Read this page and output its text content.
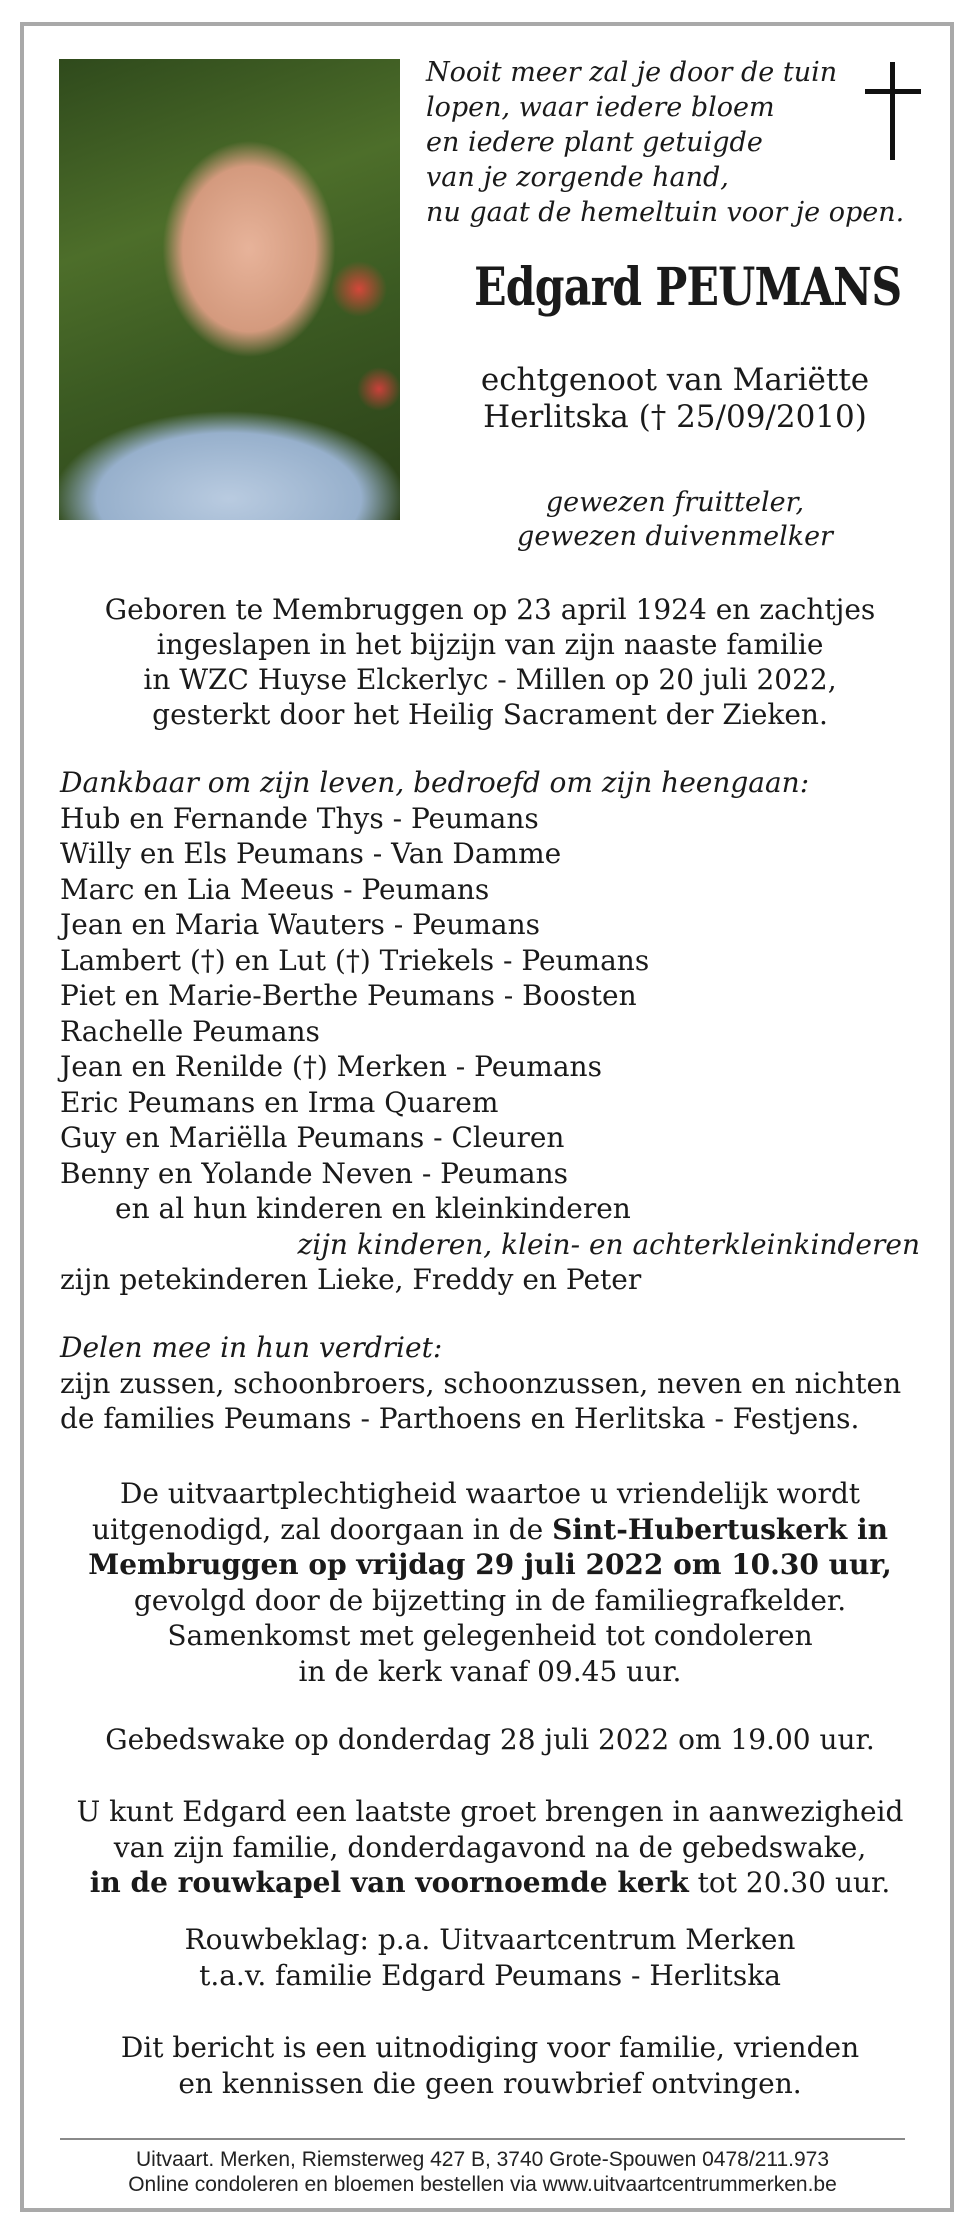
Nooit meer zal je door de tuin
lopen, waar iedere bloem
en iedere plant getuigde
van je zorgende hand,
nu gaat de hemeltuin voor je open.
Edgard PEUMANS
echtgenoot van Mariëtte
Herlitska († 25/09/2010)
gewezen fruitteler,
gewezen duivenmelker
Geboren te Membruggen op 23 april 1924 en zachtjes
ingeslapen in het bijzijn van zijn naaste familie
in WZC Huyse Elckerlyc - Millen op 20 juli 2022,
gesterkt door het Heilig Sacrament der Zieken.
Dankbaar om zijn leven, bedroefd om zijn heengaan:
Hub en Fernande Thys - Peumans
Willy en Els Peumans - Van Damme
Marc en Lia Meeus - Peumans
Jean en Maria Wauters - Peumans
Lambert (†) en Lut (†) Triekels - Peumans
Piet en Marie-Berthe Peumans - Boosten
Rachelle Peumans
Jean en Renilde (†) Merken - Peumans
Eric Peumans en Irma Quarem
Guy en Mariëlla Peumans - Cleuren
Benny en Yolande Neven - Peumans
en al hun kinderen en kleinkinderen
zijn kinderen, klein- en achterkleinkinderen
zijn petekinderen Lieke, Freddy en Peter
Delen mee in hun verdriet:
zijn zussen, schoonbroers, schoonzussen, neven en nichten
de families Peumans - Parthoens en Herlitska - Festjens.
De uitvaartplechtigheid waartoe u vriendelijk wordt
uitgenodigd, zal doorgaan in de Sint-Hubertuskerk in
Membruggen op vrijdag 29 juli 2022 om 10.30 uur,
gevolgd door de bijzetting in de familiegrafkelder.
Samenkomst met gelegenheid tot condoleren
in de kerk vanaf 09.45 uur.
Gebedswake op donderdag 28 juli 2022 om 19.00 uur.
U kunt Edgard een laatste groet brengen in aanwezigheid
van zijn familie, donderdagavond na de gebedswake,
in de rouwkapel van voornoemde kerk tot 20.30 uur.
Rouwbeklag: p.a. Uitvaartcentrum Merken
t.a.v. familie Edgard Peumans - Herlitska
Dit bericht is een uitnodiging voor familie, vrienden
en kennissen die geen rouwbrief ontvingen.
Uitvaart. Merken, Riemsterweg 427 B, 3740 Grote-Spouwen 0478/211.973
Online condoleren en bloemen bestellen via www.uitvaartcentrummerken.be
